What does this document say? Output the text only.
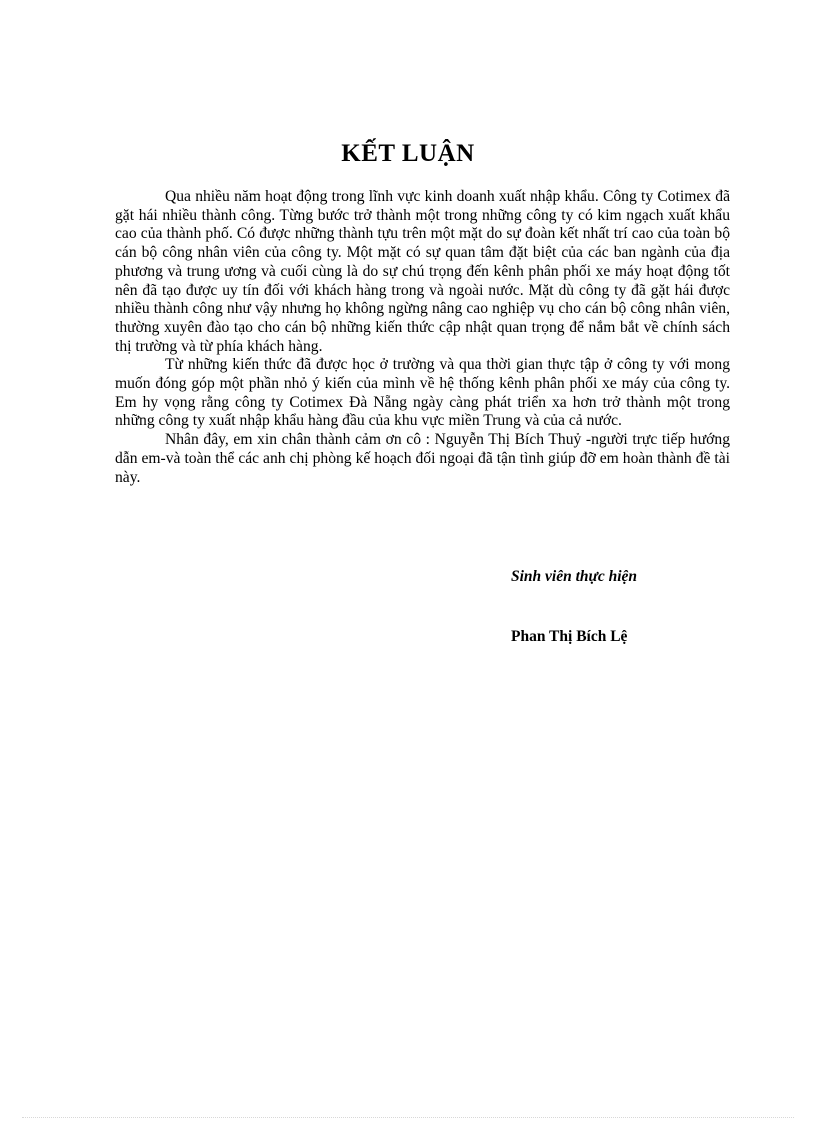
KẾT LUẬN

Qua nhiều năm hoạt động trong lĩnh vực kinh doanh xuất nhập khẩu. Công ty Cotimex đã gặt hái nhiều thành công. Từng bước trở thành một trong những công ty có kim ngạch xuất khẩu cao của thành phố. Có được những thành tựu trên một mặt do sự đoàn kết nhất trí cao của toàn bộ cán bộ công nhân viên của công ty. Một mặt có sự quan tâm đặt biệt của các ban ngành của địa phương và trung ương và cuối cùng là do sự chú trọng đến kênh phân phối xe máy hoạt động tốt nên đã tạo được uy tín đối với khách hàng trong và ngoài nước. Mặt dù công ty đã gặt hái được nhiều thành công như vậy nhưng họ không ngừng nâng cao nghiệp vụ cho cán bộ công nhân viên, thường xuyên đào tạo cho cán bộ những kiến thức cập nhật quan trọng để nắm bắt về chính sách thị trường và từ phía khách hàng.

Từ những kiến thức đã được học ở trường và qua thời gian thực tập ở công ty với mong muốn đóng góp một phần nhỏ ý kiến của mình về hệ thống kênh phân phối xe máy của công ty. Em hy vọng rằng công ty Cotimex Đà Nẵng ngày càng phát triển xa hơn trở thành một trong những công ty xuất nhập khẩu hàng đầu của khu vực miền Trung và của cả nước.

Nhân đây, em xin chân thành cảm ơn cô : Nguyễn Thị Bích Thuỷ -người trực tiếp hướng dẫn em-và toàn thể các anh chị phòng kế hoạch đối ngoại đã tận tình giúp đỡ em hoàn thành đề tài này.

Sinh viên thực hiện
Phan Thị Bích Lệ
